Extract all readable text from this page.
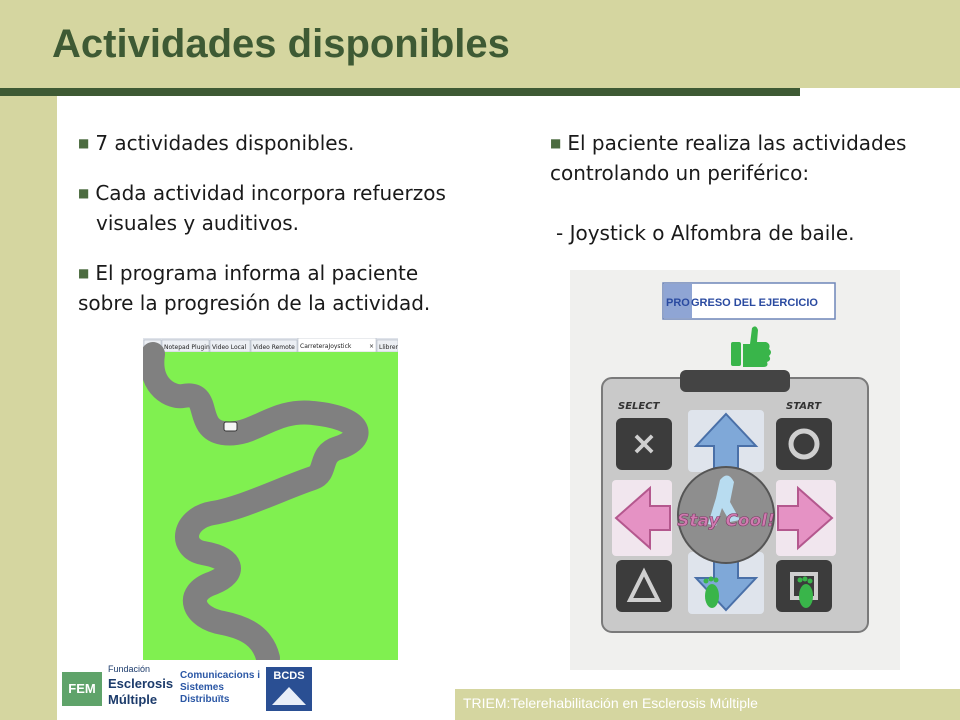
Actividades disponibles
■ 7 actividades disponibles.
■ Cada actividad incorpora refuerzos visuales y auditivos.
■ El programa informa al paciente sobre la progresión de la actividad.
■ El paciente realiza las actividades controlando un periférico:
- Joystick o Alfombra de baile.
Xat Notepad Plugin Video Local Video Remote CarreteraJoystick	× Llibrer
PRO GRESO DEL EJERCICIO
SELECT	START
×
Stay Cool!
FEM
Fundación
Esclerosis
Múltiple
Comunicacions i
Sistemes
Distribuïts
BCDS
TRIEM:Telerehabilitación en Esclerosis Múltiple
